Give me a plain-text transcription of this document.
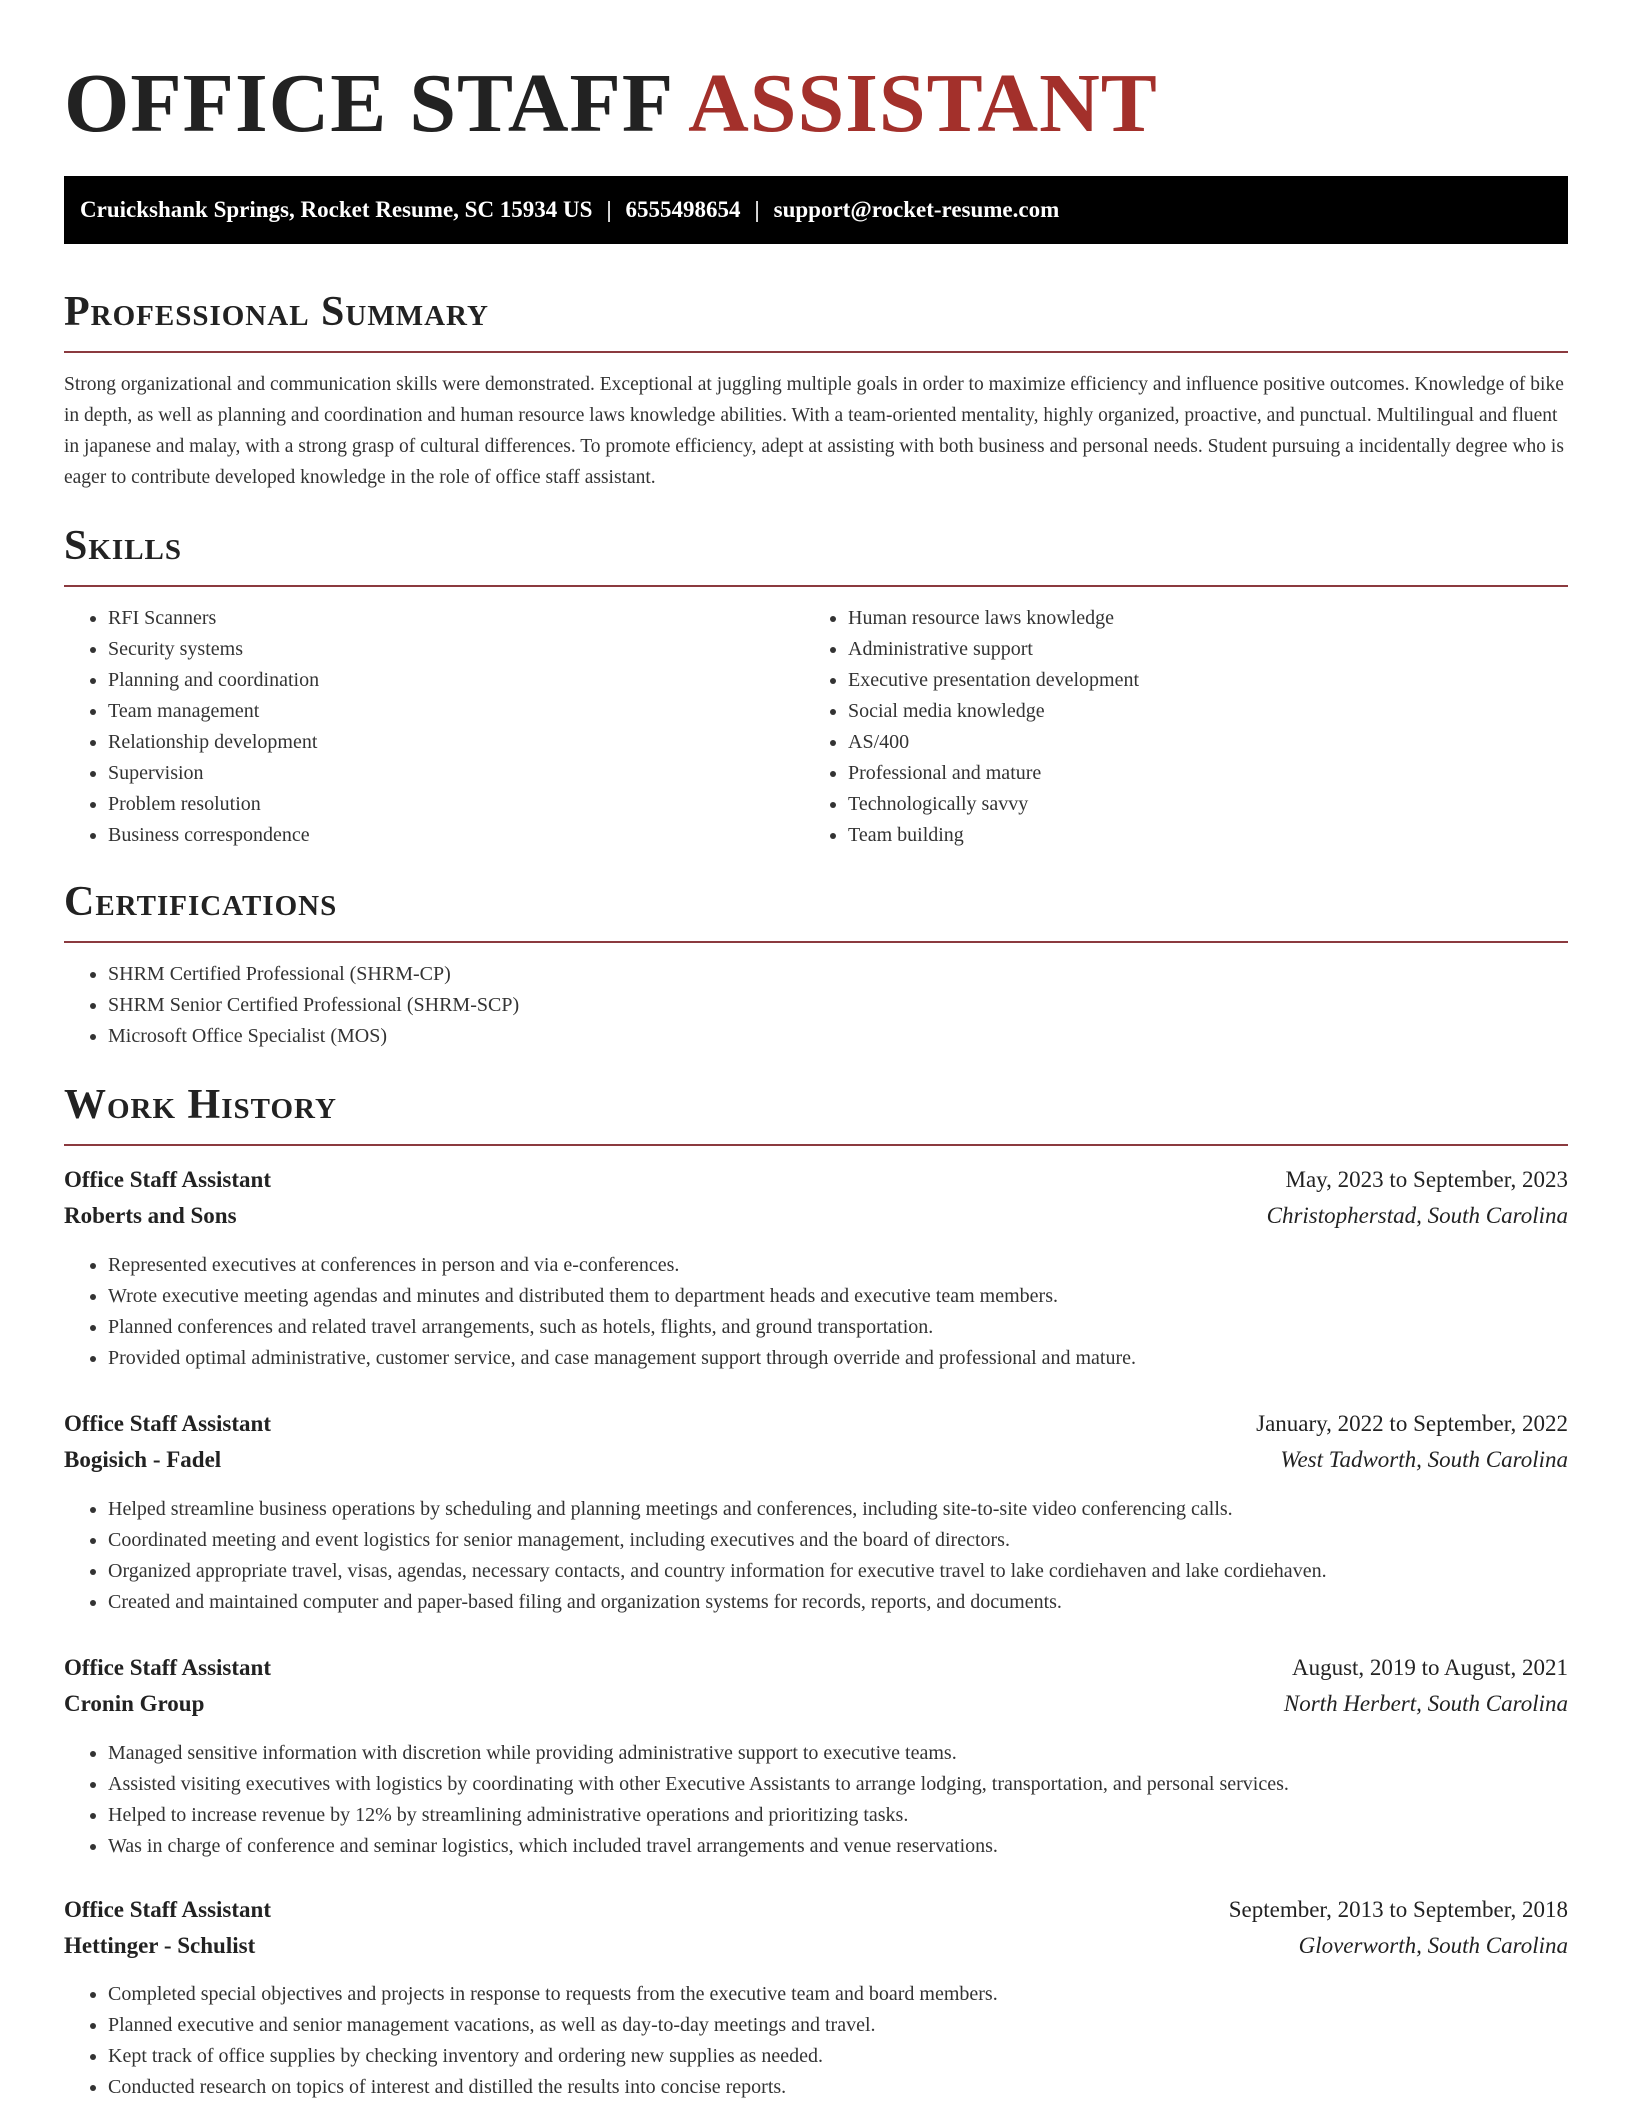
OFFICE STAFF ASSISTANT
Cruickshank Springs, Rocket Resume, SC 15934 US | 6555498654 | support@rocket-resume.com
Professional Summary

Strong organizational and communication skills were demonstrated. Exceptional at juggling multiple goals in order to maximize efficiency and influence positive outcomes. Knowledge of bike in depth, as well as planning and coordination and human resource laws knowledge abilities. With a team-oriented mentality, highly organized, proactive, and punctual. Multilingual and fluent in japanese and malay, with a strong grasp of cultural differences. To promote efficiency, adept at assisting with both business and personal needs. Student pursuing a incidentally degree who is eager to contribute developed knowledge in the role of office staff assistant.

Skills
• RFI Scanners
• Security systems
• Planning and coordination
• Team management
• Relationship development
• Supervision
• Problem resolution
• Business correspondence
• Human resource laws knowledge
• Administrative support
• Executive presentation development
• Social media knowledge
• AS/400
• Professional and mature
• Technologically savvy
• Team building
Certifications
• SHRM Certified Professional (SHRM-CP)
• SHRM Senior Certified Professional (SHRM-SCP)
• Microsoft Office Specialist (MOS)
Work History
Office Staff Assistant	May, 2023 to September, 2023
Roberts and Sons	Christopherstad, South Carolina
• Represented executives at conferences in person and via e-conferences.
• Wrote executive meeting agendas and minutes and distributed them to department heads and executive team members.
• Planned conferences and related travel arrangements, such as hotels, flights, and ground transportation.
• Provided optimal administrative, customer service, and case management support through override and professional and mature.
Office Staff Assistant	January, 2022 to September, 2022
Bogisich - Fadel	West Tadworth, South Carolina
• Helped streamline business operations by scheduling and planning meetings and conferences, including site-to-site video conferencing calls.
• Coordinated meeting and event logistics for senior management, including executives and the board of directors.
• Organized appropriate travel, visas, agendas, necessary contacts, and country information for executive travel to lake cordiehaven and lake cordiehaven.
• Created and maintained computer and paper-based filing and organization systems for records, reports, and documents.
Office Staff Assistant	August, 2019 to August, 2021
Cronin Group	North Herbert, South Carolina
• Managed sensitive information with discretion while providing administrative support to executive teams.
• Assisted visiting executives with logistics by coordinating with other Executive Assistants to arrange lodging, transportation, and personal services.
• Helped to increase revenue by 12% by streamlining administrative operations and prioritizing tasks.
• Was in charge of conference and seminar logistics, which included travel arrangements and venue reservations.
Office Staff Assistant	September, 2013 to September, 2018
Hettinger - Schulist	Gloverworth, South Carolina
• Completed special objectives and projects in response to requests from the executive team and board members.
• Planned executive and senior management vacations, as well as day-to-day meetings and travel.
• Kept track of office supplies by checking inventory and ordering new supplies as needed.
• Conducted research on topics of interest and distilled the results into concise reports.
